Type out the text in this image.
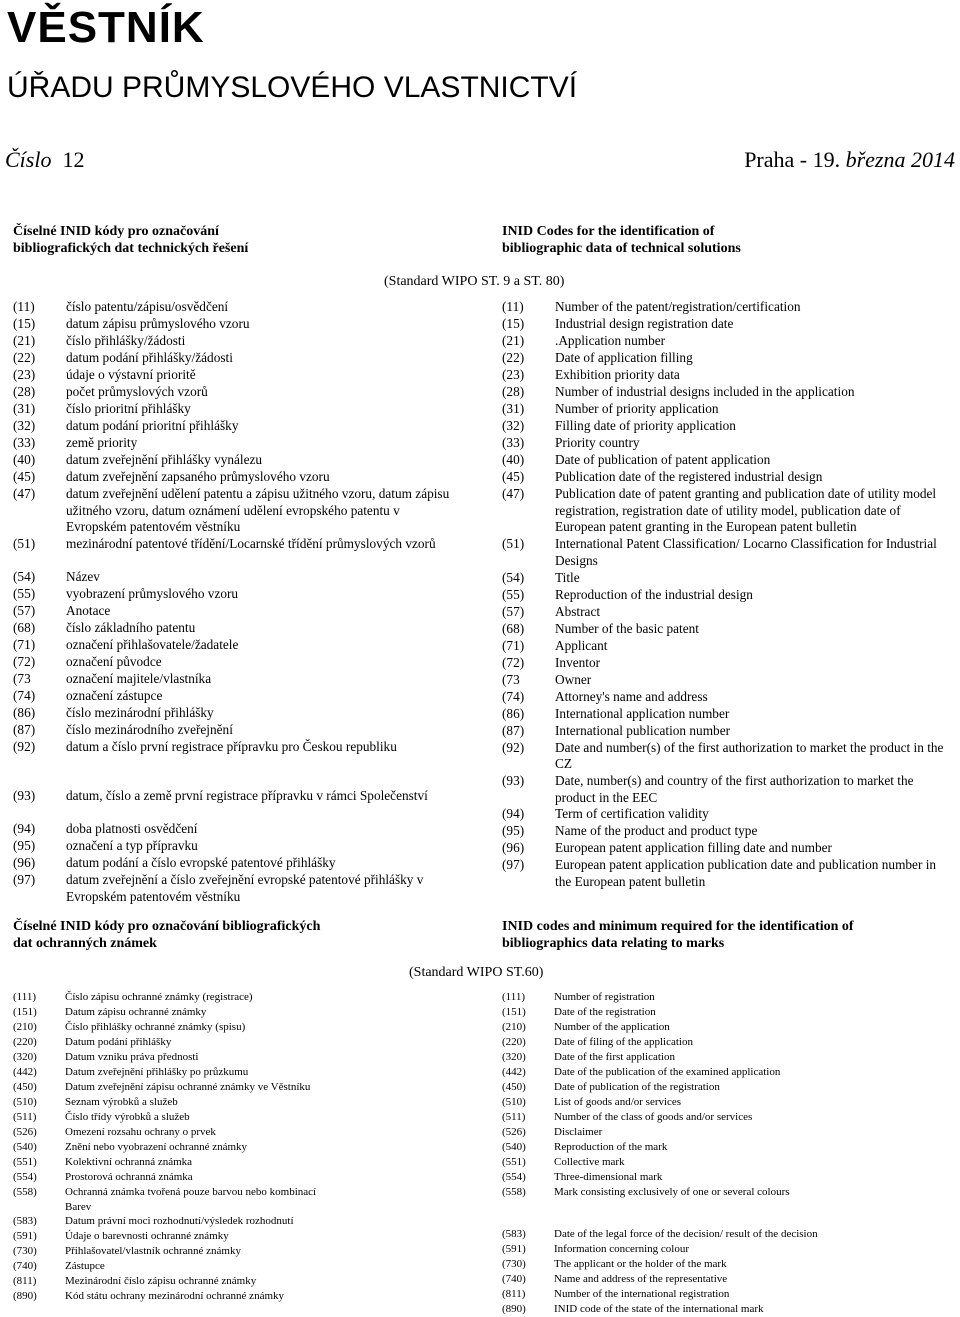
VĚSTNÍK
ÚŘADU PRŮMYSLOVÉHO VLASTNICTVÍ
Číslo 12	Praha - 19. března 2014
Číselné INID kódy pro označování
bibliografických dat technických řešení
INID Codes for the identification of
bibliographic data of technical solutions
(Standard WIPO ST. 9 a ST. 80)
(11)	číslo patentu/zápisu/osvědčení
(15)	datum zápisu průmyslového vzoru
(21)	číslo přihlášky/žádosti
(22)	datum podání přihlášky/žádosti
(23)	údaje o výstavní prioritě
(28)	počet průmyslových vzorů
(31)	číslo prioritní přihlášky
(32)	datum podání prioritní přihlášky
(33)	země priority
(40)	datum zveřejnění přihlášky vynálezu
(45)	datum zveřejnění zapsaného průmyslového vzoru
(47)	datum zveřejnění udělení patentu a zápisu užitného vzoru, datum zápisu užitného vzoru, datum oznámení udělení evropského patentu v Evropském patentovém věstníku
(51)	mezinárodní patentové třídění/Locarnské třídění průmyslových vzorů
(54)	Název
(55)	vyobrazení průmyslového vzoru
(57)	Anotace
(68)	číslo základního patentu
(71)	označení přihlašovatele/žadatele
(72)	označení původce
(73	označení majitele/vlastníka
(74)	označení zástupce
(86)	číslo mezinárodní přihlášky
(87)	číslo mezinárodního zveřejnění
(92)	datum a číslo první registrace přípravku pro Českou republiku
(93)	datum, číslo a země první registrace přípravku v rámci Společenství
(94)	doba platnosti osvědčení
(95)	označení a typ přípravku
(96)	datum podání a číslo evropské patentové přihlášky
(97)	datum zveřejnění a číslo zveřejnění evropské patentové přihlášky v Evropském patentovém věstníku
(11)	Number of the patent/registration/certification
(15)	Industrial design registration date
(21)	.Application number
(22)	Date of application filling
(23)	Exhibition priority data
(28)	Number of industrial designs included in the application
(31)	Number of priority application
(32)	Filling date of priority application
(33)	Priority country
(40)	Date of publication of patent application
(45)	Publication date of the registered industrial design
(47)	Publication date of patent granting and publication date of utility model registration, registration date of utility model, publication date of European patent granting in the European patent bulletin
(51)	International Patent Classification/ Locarno Classification for Industrial Designs
(54)	Title
(55)	Reproduction of the industrial design
(57)	Abstract
(68)	Number of the basic patent
(71)	Applicant
(72)	Inventor
(73	Owner
(74)	Attorney's name and address
(86)	International application number
(87)	International publication number
(92)	Date and number(s) of the first authorization to market the product in the CZ
(93)	Date, number(s) and country of the first authorization to market the product in the EEC
(94)	Term of certification validity
(95)	Name of the product and product type
(96)	European patent application filling date and number
(97)	European patent application publication date and publication number in the European patent bulletin
Číselné INID kódy pro označování bibliografických
dat ochranných známek
INID codes and minimum required for the identification of
bibliographics data relating to marks
(Standard WIPO ST.60)
(111)	Číslo zápisu ochranné známky (registrace)
(151)	Datum zápisu ochranné známky
(210)	Číslo přihlášky ochranné známky (spisu)
(220)	Datum podání přihlášky
(320)	Datum vzniku práva přednosti
(442)	Datum zveřejnění přihlášky po průzkumu
(450)	Datum zveřejnění zápisu ochranné známky ve Věstníku
(510)	Seznam výrobků a služeb
(511)	Číslo třídy výrobků a služeb
(526)	Omezení rozsahu ochrany o prvek
(540)	Znění nebo vyobrazení ochranné známky
(551)	Kolektivní ochranná známka
(554)	Prostorová ochranná známka
(558)	Ochranná známka tvořená pouze barvou nebo kombinací Barev
(583)	Datum právní moci rozhodnutí/výsledek rozhodnutí
(591)	Údaje o barevnosti ochranné známky
(730)	Přihlašovatel/vlastník ochranné známky
(740)	Zástupce
(811)	Mezinárodní číslo zápisu ochranné známky
(890)	Kód státu ochrany mezinárodní ochranné známky
(111)	Number of registration
(151)	Date of the registration
(210)	Number of the application
(220)	Date of filing of the application
(320)	Date of the first application
(442)	Date of the publication of the examined application
(450)	Date of publication of the registration
(510)	List of goods and/or services
(511)	Number of the class of goods and/or services
(526)	Disclaimer
(540)	Reproduction of the mark
(551)	Collective mark
(554)	Three-dimensional mark
(558)	Mark consisting exclusively of one or several colours
(583)	Date of the legal force of the decision/ result of the decision
(591)	Information concerning colour
(730)	The applicant or the holder of the mark
(740)	Name and address of the representative
(811)	Number of the international registration
(890)	INID code of the state of the international mark
